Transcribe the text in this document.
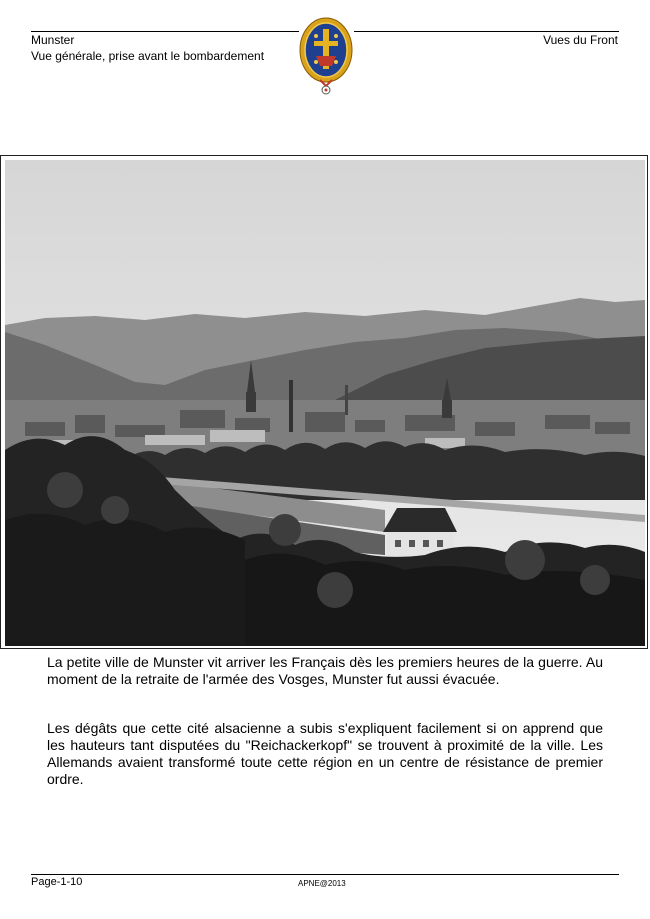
Munster
Vue générale, prise avant le bombardement
Vues du Front

La petite ville de Munster vit arriver les Français dès les premiers heures de la guerre. Au moment de la retraite de l'armée des Vosges, Munster fut aussi évacuée.

Les dégâts que cette cité alsacienne a subis s'expliquent facilement si on apprend que les hauteurs tant disputées du "Reichackerkopf" se trouvent à proximité de la ville. Les Allemands avaient transformé toute cette région en un centre de résistance de premier ordre.

Page-1-10	APNE@2013
